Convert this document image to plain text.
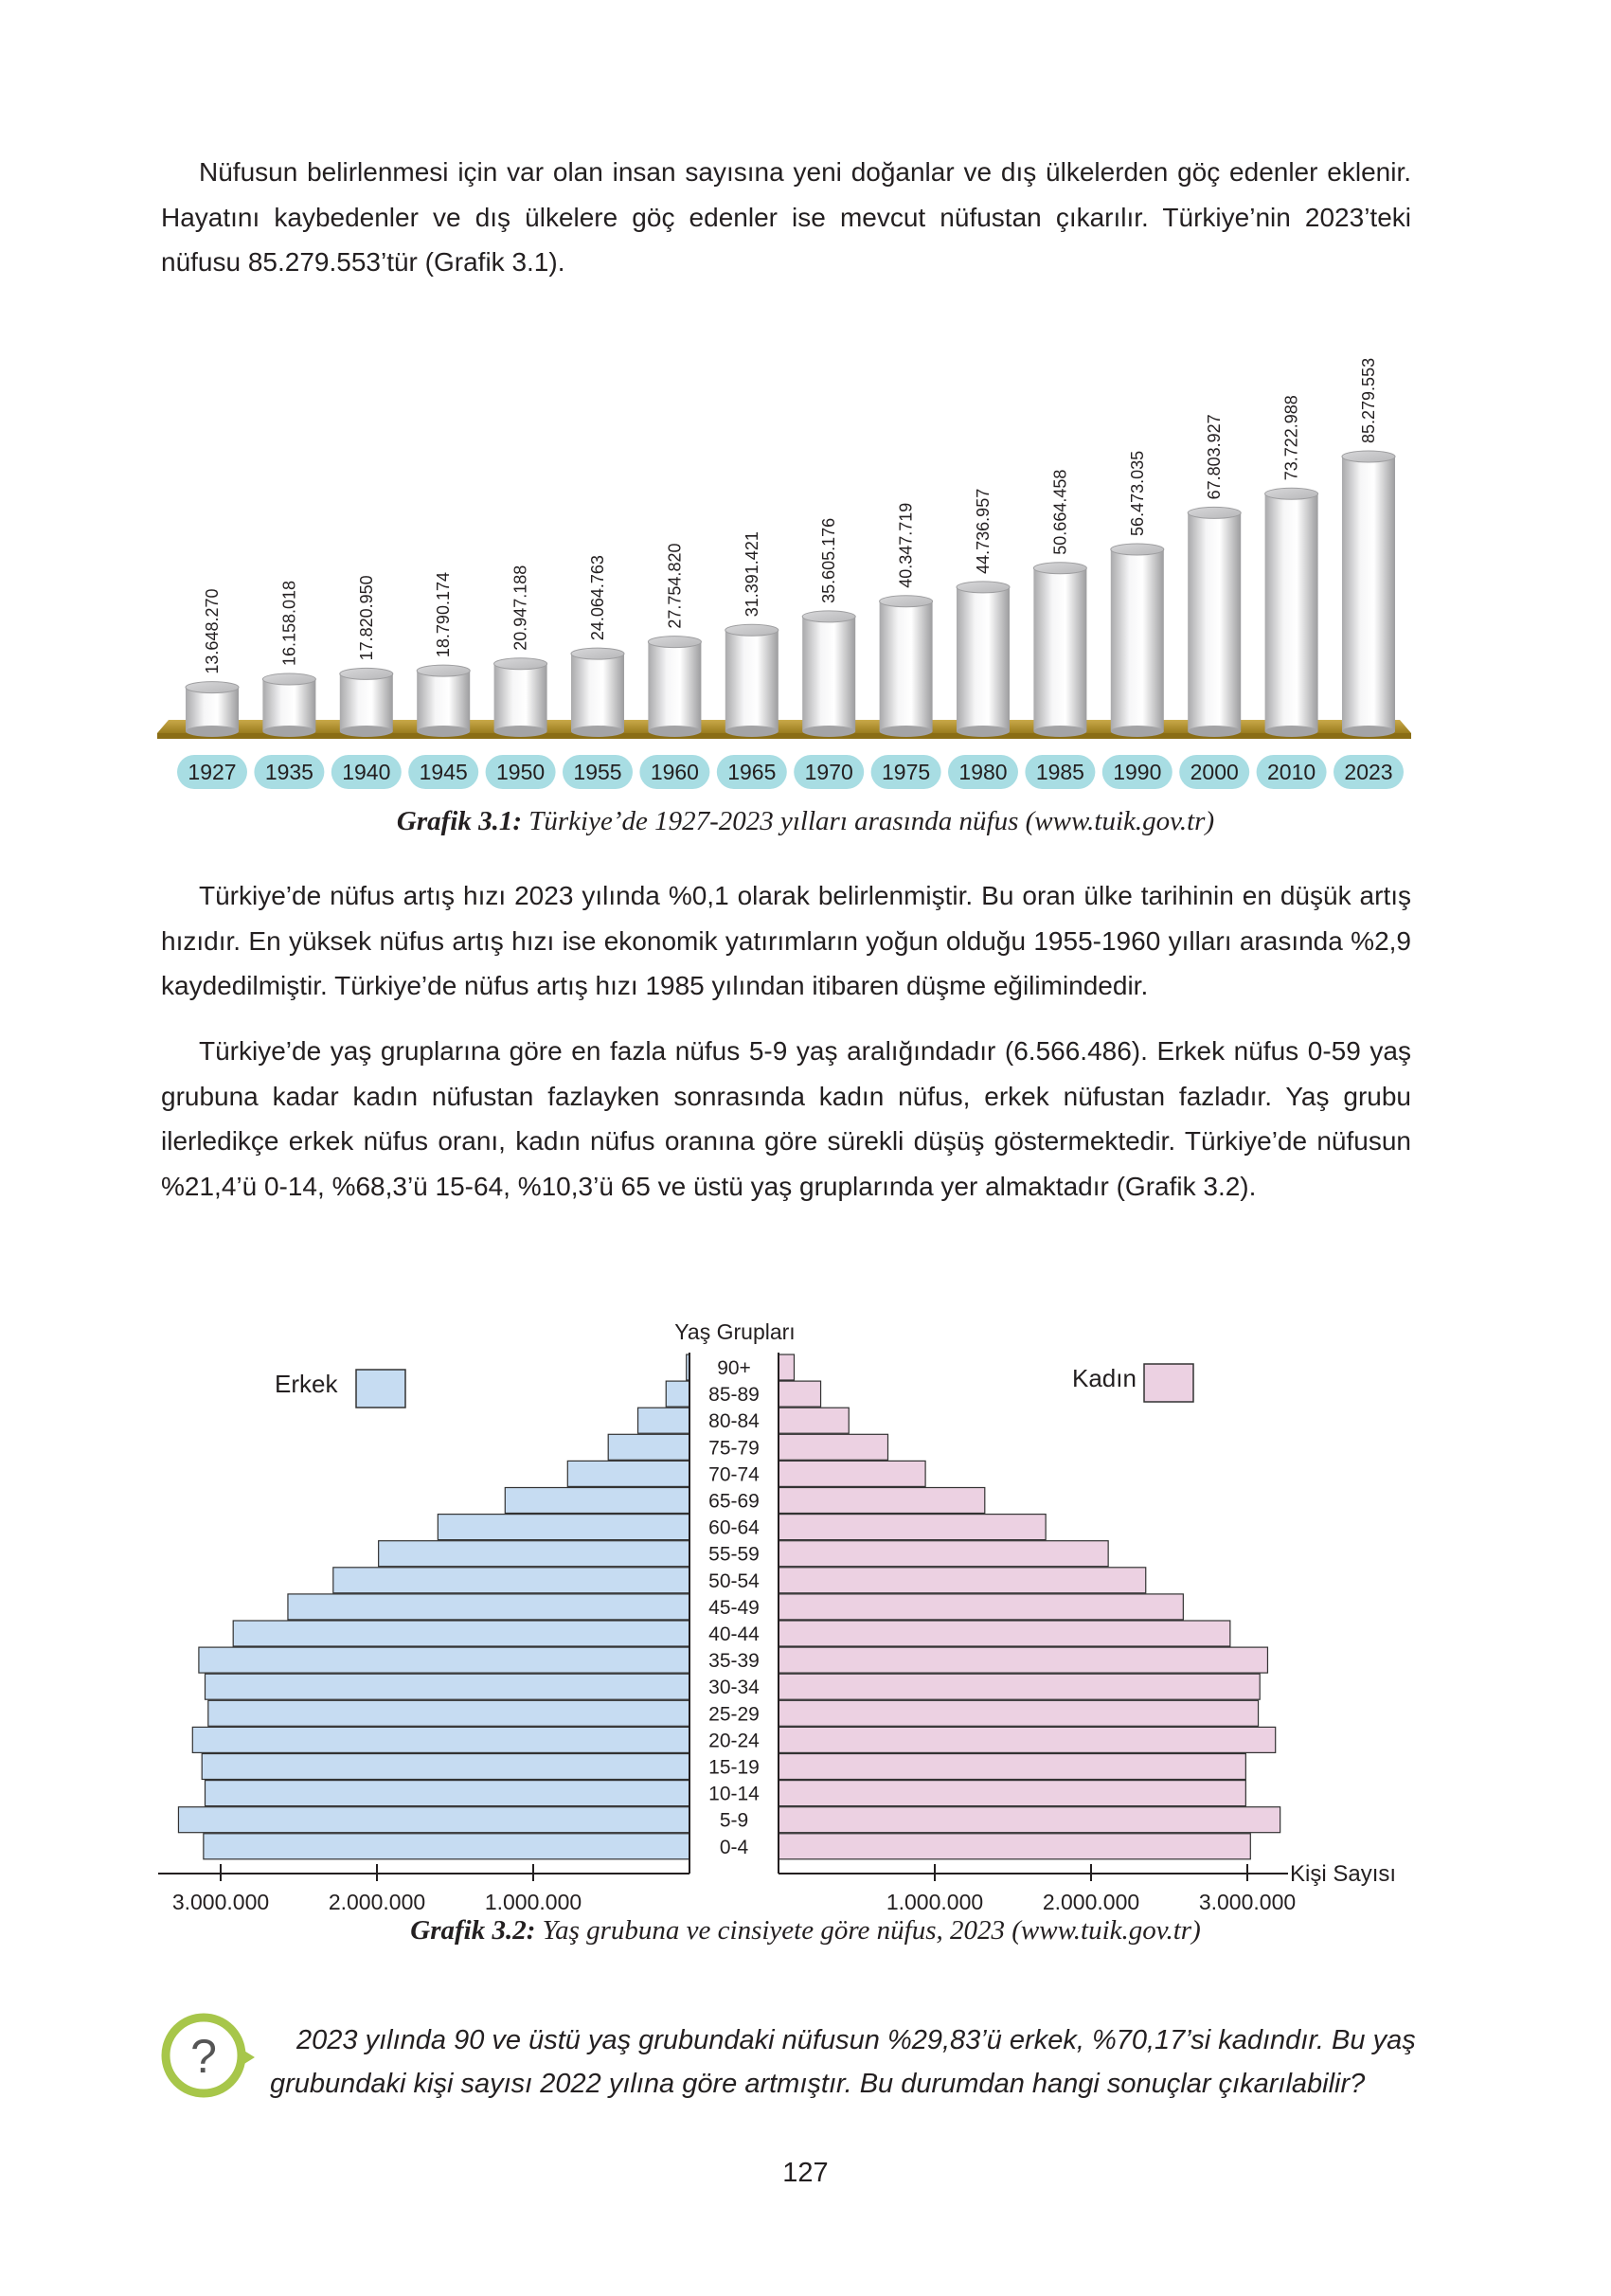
Nüfusun belirlenmesi için var olan insan sayısına yeni doğanlar ve dış ülkelerden göç edenler eklenir. Hayatını kaybedenler ve dış ülkelere göç edenler ise mevcut nüfustan çıkarılır. Türkiye’nin 2023’teki nüfusu 85.279.553’tür (Grafik 3.1).

13.648.270	16.158.018	17.820.950	18.790.174	20.947.188	24.064.763	27.754.820	31.391.421	35.605.176	40.347.719	44.736.957	50.664.458	56.473.035	67.803.927	73.722.988	85.279.553
1927 1935 1940 1945 1950 1955 1960 1965 1970 1975 1980 1985 1990 2000 2010 2023

Grafik 3.1: Türkiye’de 1927-2023 yılları arasında nüfus (www.tuik.gov.tr)

Türkiye’de nüfus artış hızı 2023 yılında %0,1 olarak belirlenmiştir. Bu oran ülke tarihinin en düşük artış hızıdır. En yüksek nüfus artış hızı ise ekonomik yatırımların yoğun olduğu 1955-1960 yılları arasında %2,9 kaydedilmiştir. Türkiye’de nüfus artış hızı 1985 yılından itibaren düşme eğilimindedir.

Türkiye’de yaş gruplarına göre en fazla nüfus 5-9 yaş aralığındadır (6.566.486). Erkek nüfus 0-59 yaş grubuna kadar kadın nüfustan fazlayken sonrasında kadın nüfus, erkek nüfustan fazladır. Yaş grubu ilerledikçe erkek nüfus oranı, kadın nüfus oranına göre sürekli düşüş göstermektedir. Türkiye’de nüfusun %21,4’ü 0-14, %68,3’ü 15-64, %10,3’ü 65 ve üstü yaş gruplarında yer almaktadır (Grafik 3.2).

Yaş Grupları
90+
85-89
80-84
75-79
70-74
65-69
60-64
55-59
50-54
45-49
40-44
35-39
30-34
25-29
20-24
15-19
10-14
5-9
0-4
3.000.000	3.000.000
2.000.000	2.000.000
1.000.000	1.000.000
Kişi Sayısı
Erkek	Kadın

Grafik 3.2: Yaş grubuna ve cinsiyete göre nüfus, 2023 (www.tuik.gov.tr)

?	2023 yılında 90 ve üstü yaş grubundaki nüfusun %29,83’ü erkek, %70,17’si kadındır. Bu yaş grubundaki kişi sayısı 2022 yılına göre artmıştır. Bu durumdan hangi sonuçlar çıkarılabilir?

127
